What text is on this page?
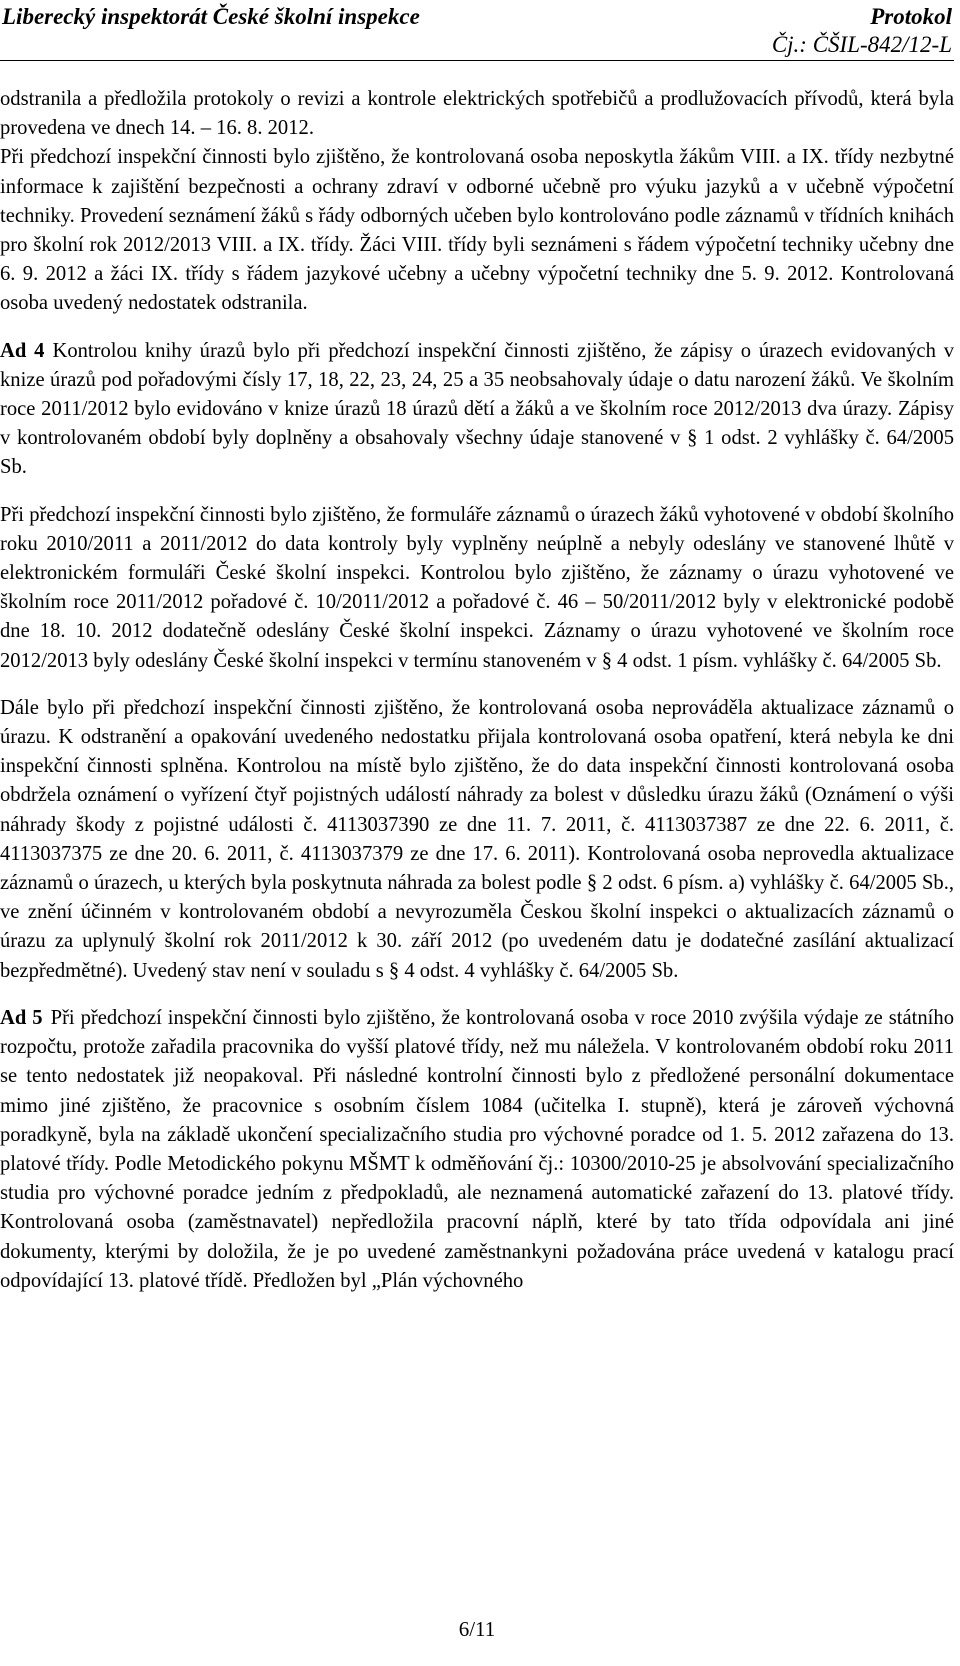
Liberecký inspektorát České školní inspekce	Protokol
Čj.: ČŠIL-842/12-L

odstranila a předložila protokoly o revizi a kontrole elektrických spotřebičů a prodlužovacích přívodů, která byla provedena ve dnech 14. – 16. 8. 2012.

Při předchozí inspekční činnosti bylo zjištěno, že kontrolovaná osoba neposkytla žákům VIII. a IX. třídy nezbytné informace k zajištění bezpečnosti a ochrany zdraví v odborné učebně pro výuku jazyků a v učebně výpočetní techniky. Provedení seznámení žáků s řády odborných učeben bylo kontrolováno podle záznamů v třídních knihách pro školní rok 2012/2013 VIII. a IX. třídy. Žáci VIII. třídy byli seznámeni s řádem výpočetní techniky učebny dne 6. 9. 2012 a žáci IX. třídy s řádem jazykové učebny a učebny výpočetní techniky dne 5. 9. 2012. Kontrolovaná osoba uvedený nedostatek odstranila.

Ad 4 Kontrolou knihy úrazů bylo při předchozí inspekční činnosti zjištěno, že zápisy o úrazech evidovaných v knize úrazů pod pořadovými čísly 17, 18, 22, 23, 24, 25 a 35 neobsahovaly údaje o datu narození žáků. Ve školním roce 2011/2012 bylo evidováno v knize úrazů 18 úrazů dětí a žáků a ve školním roce 2012/2013 dva úrazy. Zápisy v kontrolovaném období byly doplněny a obsahovaly všechny údaje stanovené v § 1 odst. 2 vyhlášky č. 64/2005 Sb.

Při předchozí inspekční činnosti bylo zjištěno, že formuláře záznamů o úrazech žáků vyhotovené v období školního roku 2010/2011 a 2011/2012 do data kontroly byly vyplněny neúplně a nebyly odeslány ve stanovené lhůtě v elektronickém formuláři České školní inspekci. Kontrolou bylo zjištěno, že záznamy o úrazu vyhotovené ve školním roce 2011/2012 pořadové č. 10/2011/2012 a pořadové č. 46 – 50/2011/2012 byly v elektronické podobě dne 18. 10. 2012 dodatečně odeslány České školní inspekci. Záznamy o úrazu vyhotovené ve školním roce 2012/2013 byly odeslány České školní inspekci v termínu stanoveném v § 4 odst. 1 písm. vyhlášky č. 64/2005 Sb.

Dále bylo při předchozí inspekční činnosti zjištěno, že kontrolovaná osoba neprováděla aktualizace záznamů o úrazu. K odstranění a opakování uvedeného nedostatku přijala kontrolovaná osoba opatření, která nebyla ke dni inspekční činnosti splněna. Kontrolou na místě bylo zjištěno, že do data inspekční činnosti kontrolovaná osoba obdržela oznámení o vyřízení čtyř pojistných událostí náhrady za bolest v důsledku úrazu žáků (Oznámení o výši náhrady škody z pojistné události č. 4113037390 ze dne 11. 7. 2011, č. 4113037387 ze dne 22. 6. 2011, č. 4113037375 ze dne 20. 6. 2011, č. 4113037379 ze dne 17. 6. 2011). Kontrolovaná osoba neprovedla aktualizace záznamů o úrazech, u kterých byla poskytnuta náhrada za bolest podle § 2 odst. 6 písm. a) vyhlášky č. 64/2005 Sb., ve znění účinném v kontrolovaném období a nevyrozuměla Českou školní inspekci o aktualizacích záznamů o úrazu za uplynulý školní rok 2011/2012 k 30. září 2012 (po uvedeném datu je dodatečné zasílání aktualizací bezpředmětné). Uvedený stav není v souladu s § 4 odst. 4 vyhlášky č. 64/2005 Sb.

Ad 5 Při předchozí inspekční činnosti bylo zjištěno, že kontrolovaná osoba v roce 2010 zvýšila výdaje ze státního rozpočtu, protože zařadila pracovnika do vyšší platové třídy, než mu náležela. V kontrolovaném období roku 2011 se tento nedostatek již neopakoval. Při následné kontrolní činnosti bylo z předložené personální dokumentace mimo jiné zjištěno, že pracovnice s osobním číslem 1084 (učitelka I. stupně), která je zároveň výchovná poradkyně, byla na základě ukončení specializačního studia pro výchovné poradce od 1. 5. 2012 zařazena do 13. platové třídy. Podle Metodického pokynu MŠMT k odměňování čj.: 10300/2010-25 je absolvování specializačního studia pro výchovné poradce jedním z předpokladů, ale neznamená automatické zařazení do 13. platové třídy. Kontrolovaná osoba (zaměstnavatel) nepředložila pracovní náplň, které by tato třída odpovídala ani jiné dokumenty, kterými by doložila, že je po uvedené zaměstnankyni požadována práce uvedená v katalogu prací odpovídající 13. platové třídě. Předložen byl „Plán výchovného

6/11
